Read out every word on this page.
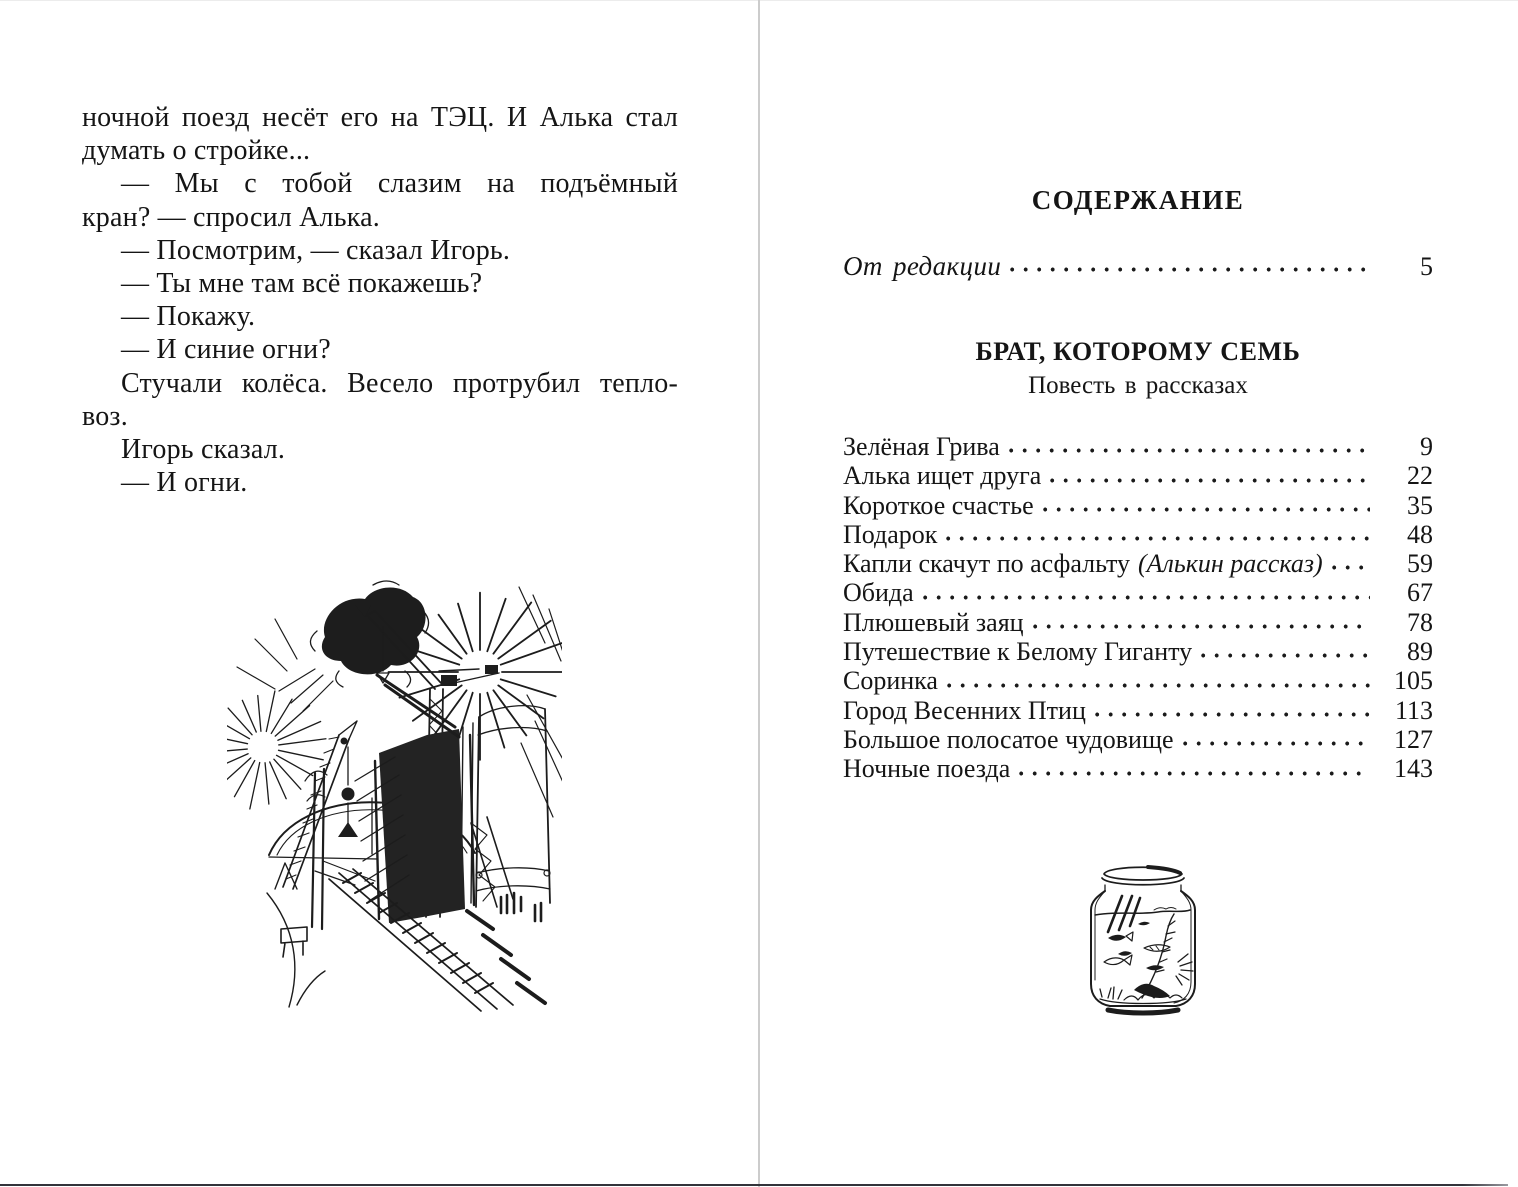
ночной поезд несёт его на ТЭЦ. И Алька стал
думать о стройке...
— Мы с тобой слазим на подъёмный
кран? — спросил Алька.
— Посмотрим, — сказал Игорь.
— Ты мне там всё покажешь?
— Покажу.
— И синие огни?
Стучали колёса. Весело протрубил тепло-
воз.
Игорь сказал.
— И огни.
СОДЕРЖАНИЕ
От редакции	5
БРАТ, КОТОРОМУ СЕМЬ
Повесть в рассказах
Зелёная Грива	9
Алька ищет друга	22
Короткое счастье	35
Подарок	48
Капли скачут по асфальту (Алькин рассказ)	59
Обида	67
Плюшевый заяц	78
Путешествие к Белому Гиганту	89
Соринка	105
Город Весенних Птиц	113
Большое полосатое чудовище	127
Ночные поезда	143
